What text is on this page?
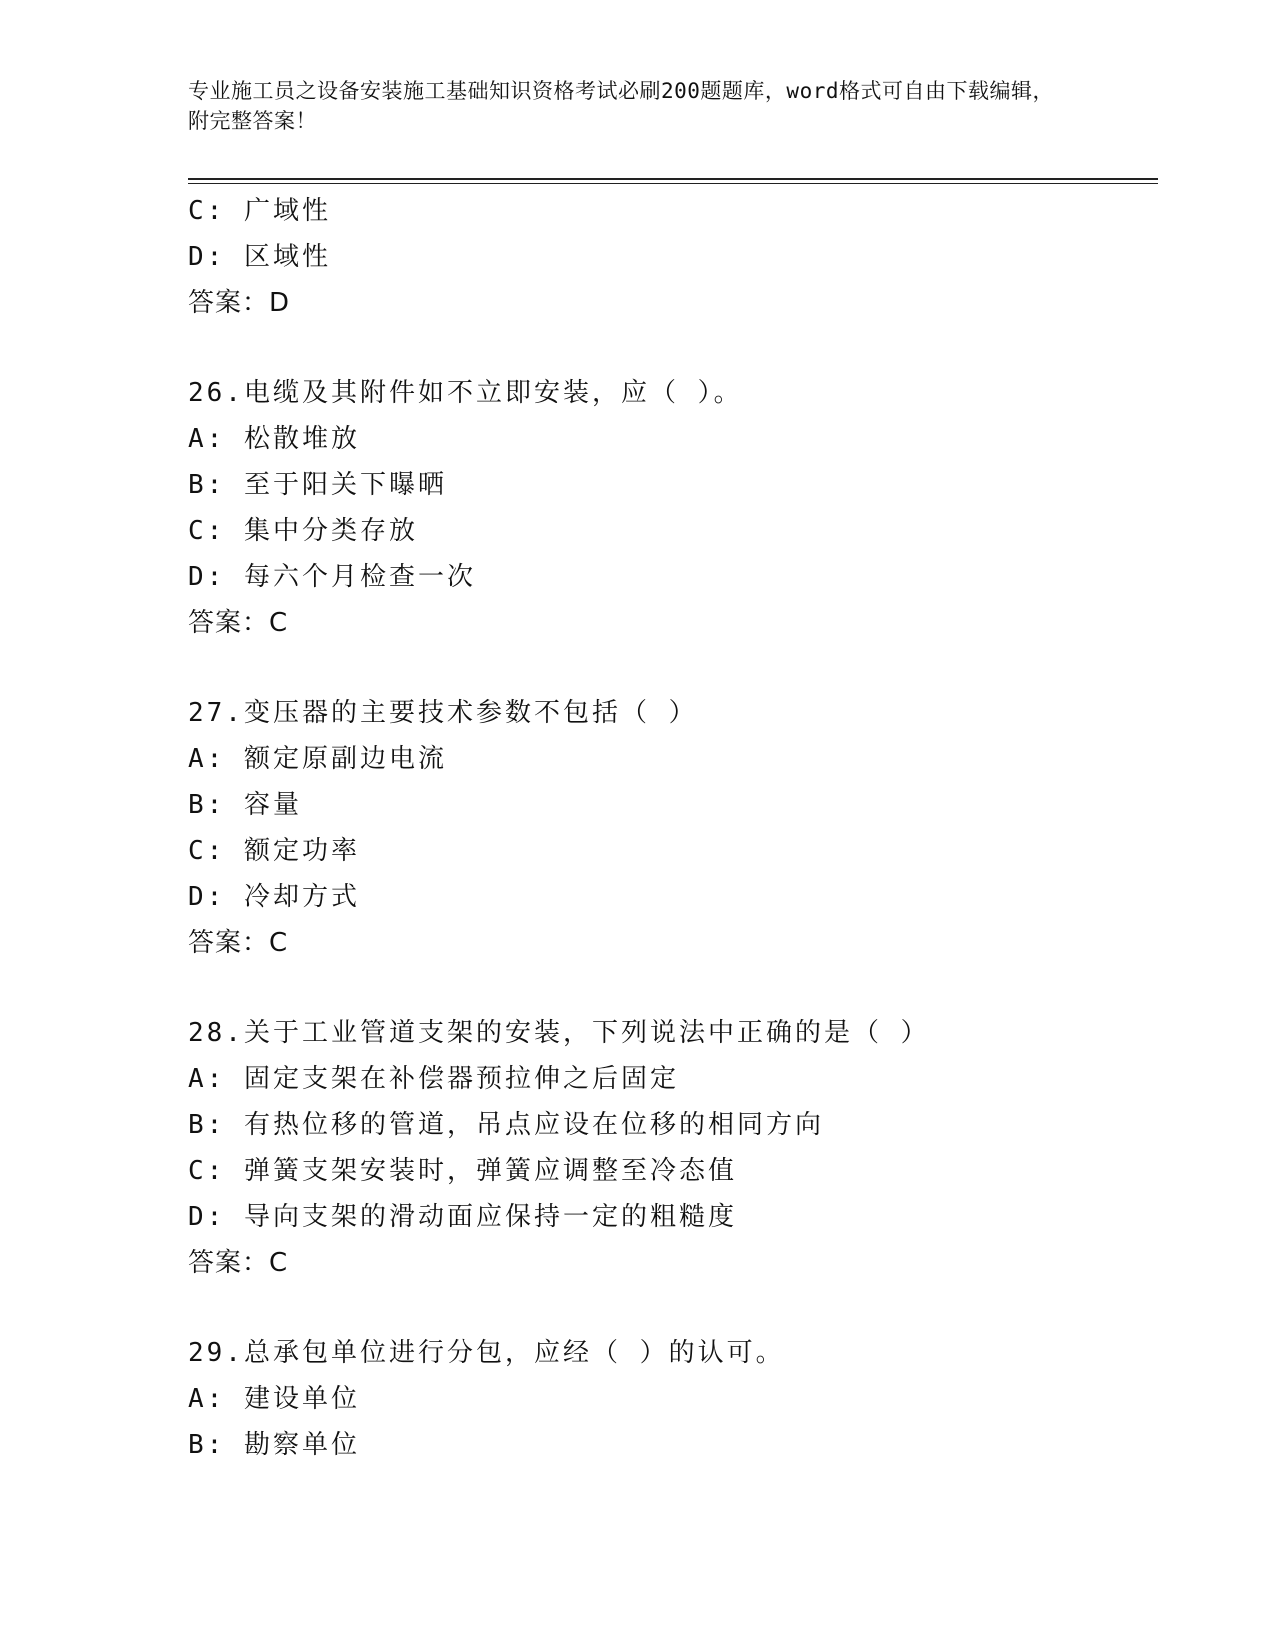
专业施工员之设备安装施工基础知识资格考试必刷200题题库，word格式可自由下载编辑，附完整答案！
C: 广域性
D: 区域性
答案：D
26.电缆及其附件如不立即安装，应（ ）。
A: 松散堆放
B: 至于阳关下曝晒
C: 集中分类存放
D: 每六个月检查一次
答案：C
27.变压器的主要技术参数不包括（ ）
A: 额定原副边电流
B: 容量
C: 额定功率
D: 冷却方式
答案：C
28.关于工业管道支架的安装，下列说法中正确的是（ ）
A: 固定支架在补偿器预拉伸之后固定
B: 有热位移的管道，吊点应设在位移的相同方向
C: 弹簧支架安装时，弹簧应调整至冷态值
D: 导向支架的滑动面应保持一定的粗糙度
答案：C
29.总承包单位进行分包，应经（ ）的认可。
A: 建设单位
B: 勘察单位
